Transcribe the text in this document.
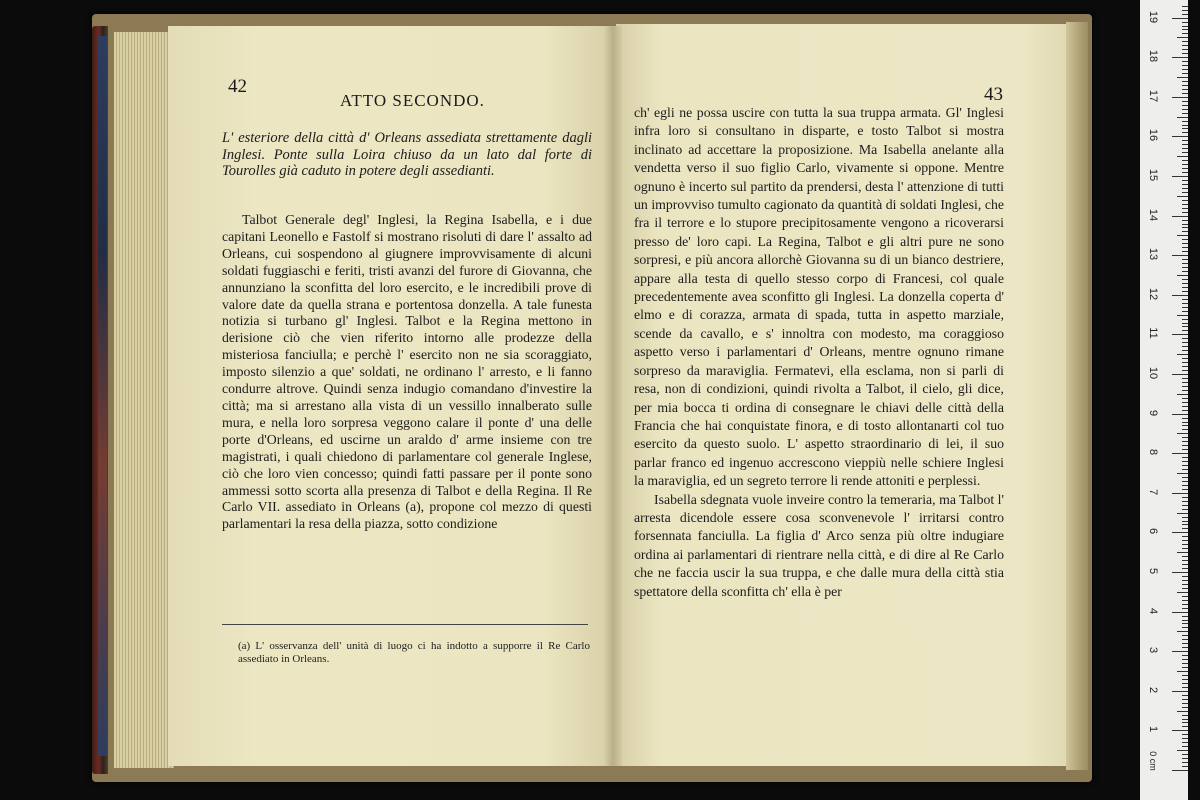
42
ATTO SECONDO.
L' esteriore della città d' Orleans assediata strettamente dagli Inglesi. Ponte sulla Loira chiuso da un lato dal forte di Tourolles già caduto in potere degli assedianti.
Talbot Generale degl' Inglesi, la Regina Isabella, e i due capitani Leonello e Fastolf si mostrano risoluti di dare l' assalto ad Orleans, cui sospendono al giugnere improvvisamente di alcuni soldati fuggiaschi e feriti, tristi avanzi del furore di Giovanna, che annunziano la sconfitta del loro esercito, e le incredibili prove di valore date da quella strana e portentosa donzella. A tale funesta notizia si turbano gl' Inglesi. Talbot e la Regina mettono in derisione ciò che vien riferito intorno alle prodezze della misteriosa fanciulla; e perchè l' esercito non ne sia scoraggiato, imposto silenzio a que' soldati, ne ordinano l' arresto, e li fanno condurre altrove. Quindi senza indugio comandano d'investire la città; ma si arrestano alla vista di un vessillo innalberato sulle mura, e nella loro sorpresa veggono calare il ponte d' una delle porte d'Orleans, ed uscirne un araldo d' arme insieme con tre magistrati, i quali chiedono di parlamentare col generale Inglese, ciò che loro vien concesso; quindi fatti passare per il ponte sono ammessi sotto scorta alla presenza di Talbot e della Regina. Il Re Carlo VII. assediato in Orleans (a), propone col mezzo di questi parlamentari la resa della piazza, sotto condizione
(a) L' osservanza dell' unità di luogo ci ha indotto a supporre il Re Carlo assediato in Orleans.
43

ch' egli ne possa uscire con tutta la sua truppa armata. Gl' Inglesi infra loro si consultano in disparte, e tosto Talbot si mostra inclinato ad accettare la proposizione. Ma Isabella anelante alla vendetta verso il suo figlio Carlo, vivamente si oppone. Mentre ognuno è incerto sul partito da prendersi, desta l' attenzione di tutti un improvviso tumulto cagionato da quantità di soldati Inglesi, che fra il terrore e lo stupore precipitosamente vengono a ricoverarsi presso de' loro capi. La Regina, Talbot e gli altri pure ne sono sorpresi, e più ancora allorchè Giovanna su di un bianco destriere, appare alla testa di quello stesso corpo di Francesi, col quale precedentemente avea sconfitto gli Inglesi. La donzella coperta d' elmo e di corazza, armata di spada, tutta in aspetto marziale, scende da cavallo, e s' innoltra con modesto, ma coraggioso aspetto verso i parlamentari d' Orleans, mentre ognuno rimane sorpreso da maraviglia. Fermatevi, ella esclama, non si parli di resa, non di condizioni, quindi rivolta a Talbot, il cielo, gli dice, per mia bocca ti ordina di consegnare le chiavi delle città della Francia che hai conquistate finora, e di tosto allontanarti col tuo esercito da questo suolo. L' aspetto straordinario di lei, il suo parlar franco ed ingenuo accrescono vieppiù nelle schiere Inglesi la maraviglia, ed un segreto terrore li rende attoniti e perplessi.

Isabella sdegnata vuole inveire contro la temeraria, ma Talbot l' arresta dicendole essere cosa sconvenevole l' irritarsi contro forsennata fanciulla. La figlia d' Arco senza più oltre indugiare ordina ai parlamentari di rientrare nella città, e di dire al Re Carlo che ne faccia uscir la sua truppa, e che dalle mura della città stia spettatore della sconfitta ch' ella è per

0 cm
1
2
3
4
5
6
7
8
9
10
11
12
13
14
15
16
17
18
19
